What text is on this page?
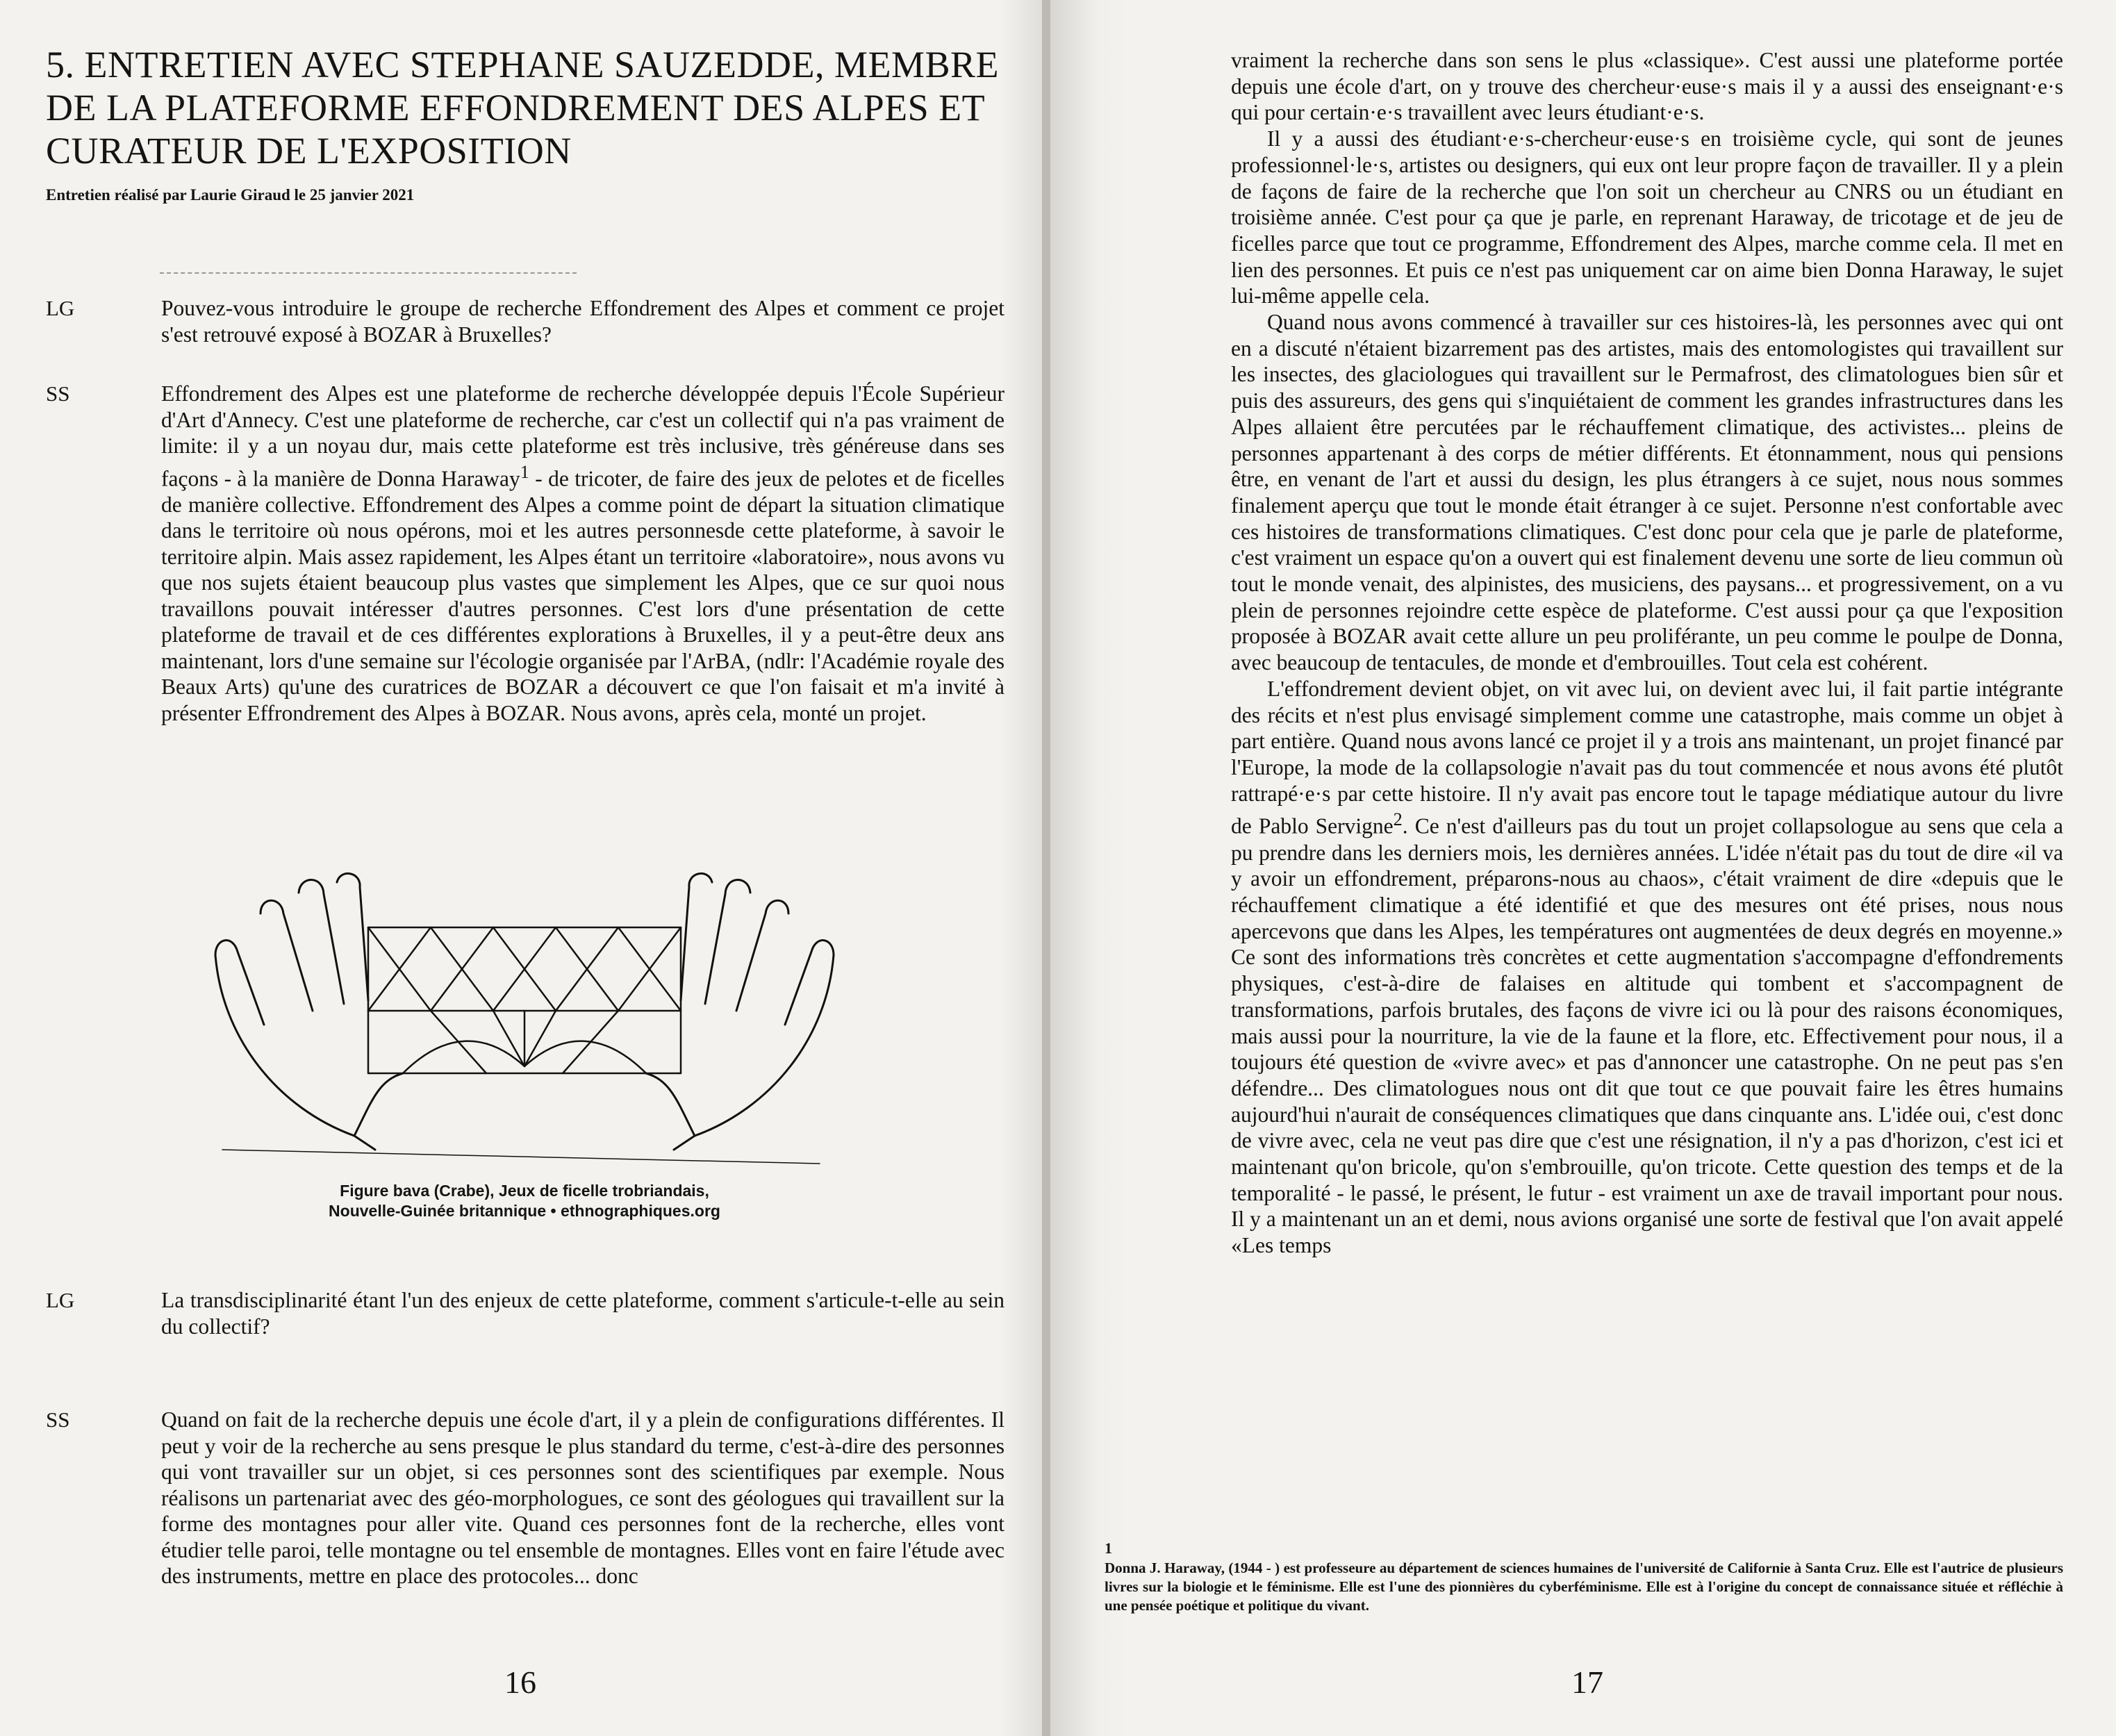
5. ENTRETIEN AVEC STEPHANE SAUZEDDE, MEMBRE DE LA PLATEFORME EFFONDREMENT DES ALPES ET CURATEUR DE L'EXPOSITION

Entretien réalisé par Laurie Giraud le 25 janvier 2021

LG	Pouvez-vous introduire le groupe de recherche Effondrement des Alpes et comment ce projet s'est retrouvé exposé à BOZAR à Bruxelles?

SS	Effondrement des Alpes est une plateforme de recherche développée depuis l'École Supérieur d'Art d'Annecy. C'est une plateforme de recherche, car c'est un collectif qui n'a pas vraiment de limite: il y a un noyau dur, mais cette plateforme est très inclusive, très généreuse dans ses façons - à la manière de Donna Haraway$^1$ - de tricoter, de faire des jeux de pelotes et de ficelles de manière collective. Effondrement des Alpes a comme point de départ la situation climatique dans le territoire où nous opérons, moi et les autres personnesde cette plateforme, à savoir le territoire alpin. Mais assez rapidement, les Alpes étant un territoire «laboratoire», nous avons vu que nos sujets étaient beaucoup plus vastes que simplement les Alpes, que ce sur quoi nous travaillons pouvait intéresser d'autres personnes. C'est lors d'une présentation de cette plateforme de travail et de ces différentes explorations à Bruxelles, il y a peut-être deux ans maintenant, lors d'une semaine sur l'écologie organisée par l'ArBA, (ndlr: l'Académie royale des Beaux Arts) qu'une des curatrices de BOZAR a découvert ce que l'on faisait et m'a invité à présenter Effrondrement des Alpes à BOZAR. Nous avons, après cela, monté un projet.

Figure bava (Crabe), Jeux de ficelle trobriandais,
Nouvelle-Guinée britannique • ethnographiques.org
LG	La transdisciplinarité étant l'un des enjeux de cette plateforme, comment s'articule-t-elle au sein du collectif?

SS	Quand on fait de la recherche depuis une école d'art, il y a plein de configurations différentes. Il peut y voir de la recherche au sens presque le plus standard du terme, c'est-à-dire des personnes qui vont travailler sur un objet, si ces personnes sont des scientifiques par exemple. Nous réalisons un partenariat avec des géo-morphologues, ce sont des géologues qui travaillent sur la forme des montagnes pour aller vite. Quand ces personnes font de la recherche, elles vont étudier telle paroi, telle montagne ou tel ensemble de montagnes. Elles vont en faire l'étude avec des instruments, mettre en place des protocoles... donc

16

vraiment la recherche dans son sens le plus «classique». C'est aussi une plateforme portée depuis une école d'art, on y trouve des chercheur·euse·s mais il y a aussi des enseignant·e·s qui pour certain·e·s travaillent avec leurs étudiant·e·s.

Il y a aussi des étudiant·e·s-chercheur·euse·s en troisième cycle, qui sont de jeunes professionnel·le·s, artistes ou designers, qui eux ont leur propre façon de travailler. Il y a plein de façons de faire de la recherche que l'on soit un chercheur au CNRS ou un étudiant en troisième année. C'est pour ça que je parle, en reprenant Haraway, de tricotage et de jeu de ficelles parce que tout ce programme, Effondrement des Alpes, marche comme cela. Il met en lien des personnes. Et puis ce n'est pas uniquement car on aime bien Donna Haraway, le sujet lui-même appelle cela.

Quand nous avons commencé à travailler sur ces histoires-là, les personnes avec qui ont en a discuté n'étaient bizarrement pas des artistes, mais des entomologistes qui travaillent sur les insectes, des glaciologues qui travaillent sur le Permafrost, des climatologues bien sûr et puis des assureurs, des gens qui s'inquiétaient de comment les grandes infrastructures dans les Alpes allaient être percutées par le réchauffement climatique, des activistes... pleins de personnes appartenant à des corps de métier différents. Et étonnamment, nous qui pensions être, en venant de l'art et aussi du design, les plus étrangers à ce sujet, nous nous sommes finalement aperçu que tout le monde était étranger à ce sujet. Personne n'est confortable avec ces histoires de transformations climatiques. C'est donc pour cela que je parle de plateforme, c'est vraiment un espace qu'on a ouvert qui est finalement devenu une sorte de lieu commun où tout le monde venait, des alpinistes, des musiciens, des paysans... et progressivement, on a vu plein de personnes rejoindre cette espèce de plateforme. C'est aussi pour ça que l'exposition proposée à BOZAR avait cette allure un peu proliférante, un peu comme le poulpe de Donna, avec beaucoup de tentacules, de monde et d'embrouilles. Tout cela est cohérent.

L'effondrement devient objet, on vit avec lui, on devient avec lui, il fait partie intégrante des récits et n'est plus envisagé simplement comme une catastrophe, mais comme un objet à part entière. Quand nous avons lancé ce projet il y a trois ans maintenant, un projet financé par l'Europe, la mode de la collapsologie n'avait pas du tout commencée et nous avons été plutôt rattrapé·e·s par cette histoire. Il n'y avait pas encore tout le tapage médiatique autour du livre de Pablo Servigne$^2$. Ce n'est d'ailleurs pas du tout un projet collapsologue au sens que cela a pu prendre dans les derniers mois, les dernières années. L'idée n'était pas du tout de dire «il va y avoir un effondrement, préparons-nous au chaos», c'était vraiment de dire «depuis que le réchauffement climatique a été identifié et que des mesures ont été prises, nous nous apercevons que dans les Alpes, les températures ont augmentées de deux degrés en moyenne.» Ce sont des informations très concrètes et cette augmentation s'accompagne d'effondrements physiques, c'est-à-dire de falaises en altitude qui tombent et s'accompagnent de transformations, parfois brutales, des façons de vivre ici ou là pour des raisons économiques, mais aussi pour la nourriture, la vie de la faune et la flore, etc. Effectivement pour nous, il a toujours été question de «vivre avec» et pas d'annoncer une catastrophe. On ne peut pas s'en défendre... Des climatologues nous ont dit que tout ce que pouvait faire les êtres humains aujourd'hui n'aurait de conséquences climatiques que dans cinquante ans. L'idée oui, c'est donc de vivre avec, cela ne veut pas dire que c'est une résignation, il n'y a pas d'horizon, c'est ici et maintenant qu'on bricole, qu'on s'embrouille, qu'on tricote. Cette question des temps et de la temporalité - le passé, le présent, le futur - est vraiment un axe de travail important pour nous. Il y a maintenant un an et demi, nous avions organisé une sorte de festival que l'on avait appelé «Les temps

1

Donna J. Haraway, (1944 - ) est professeure au département de sciences humaines de l'université de Californie à Santa Cruz. Elle est l'autrice de plusieurs livres sur la biologie et le féminisme. Elle est l'une des pionnières du cyberféminisme. Elle est à l'origine du concept de connaissance située et réfléchie à une pensée poétique et politique du vivant.

17
